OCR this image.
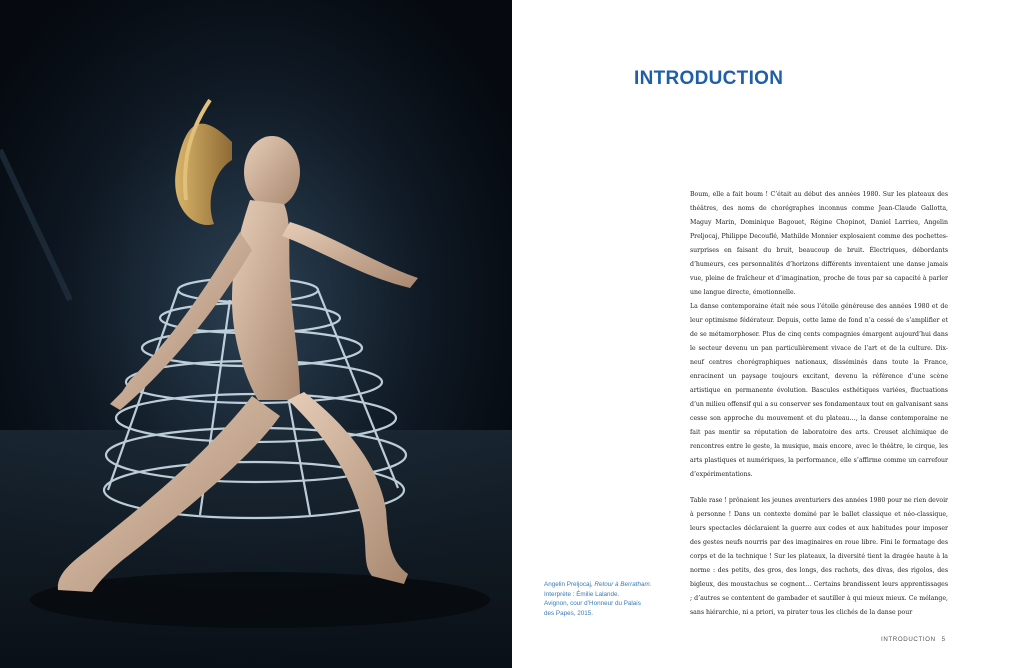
INTRODUCTION

Boum, elle a fait boum ! C’était au début des années 1980. Sur les plateaux des théâtres, des noms de chorégraphes inconnus comme Jean-Claude Gallotta, Maguy Marin, Dominique Bagouet, Régine Chopinot, Daniel Larrieu, Angelin Preljocaj, Philippe Decouflé, Mathilde Monnier explosaient comme des pochettes-surprises en faisant du bruit, beaucoup de bruit. Électriques, débordants d’humeurs, ces personnalités d’horizons différents inventaient une danse jamais vue, pleine de fraîcheur et d’imagination, proche de tous par sa capacité à parler une langue directe, émotionnelle.

La danse contemporaine était née sous l’étoile généreuse des années 1980 et de leur optimisme fédérateur. Depuis, cette lame de fond n’a cessé de s’amplifier et de se métamorphoser. Plus de cinq cents compagnies émargent aujourd’hui dans le secteur devenu un pan particulièrement vivace de l’art et de la culture. Dix-neuf centres chorégraphiques nationaux, disséminés dans toute la France, enracinent un paysage toujours excitant, devenu la référence d’une scène artistique en permanente évolution. Bascules esthétiques variées, fluctuations d’un milieu offensif qui a su conserver ses fondamentaux tout en galvanisant sans cesse son approche du mouvement et du plateau…, la danse contemporaine ne fait pas mentir sa réputation de laboratoire des arts. Creuset alchimique de rencontres entre le geste, la musique, mais encore, avec le théâtre, le cirque, les arts plastiques et numériques, la performance, elle s’affirme comme un carrefour d’expérimentations.

Table rase ! prônaient les jeunes aventuriers des années 1980 pour ne rien devoir à personne ! Dans un contexte dominé par le ballet classique et néo-classique, leurs spectacles déclaraient la guerre aux codes et aux habitudes pour imposer des gestes neufs nourris par des imaginaires en roue libre. Fini le formatage des corps et de la technique ! Sur les plateaux, la diversité tient la dragée haute à la norme : des petits, des gros, des longs, des rachots, des divas, des rigolos, des bigleux, des moustachus se cognent… Certains brandissent leurs apprentissages ; d’autres se contentent de gambader et sautiller à qui mieux mieux. Ce mélange, sans hiérarchie, ni a priori, va pirater tous les clichés de la danse pour

Angelin Preljocaj, Retour à Berratham.
Interprète : Émilie Lalande.
Avignon, cour d’Honneur du Palais
des Papes, 2015.
INTRODUCTION 5
